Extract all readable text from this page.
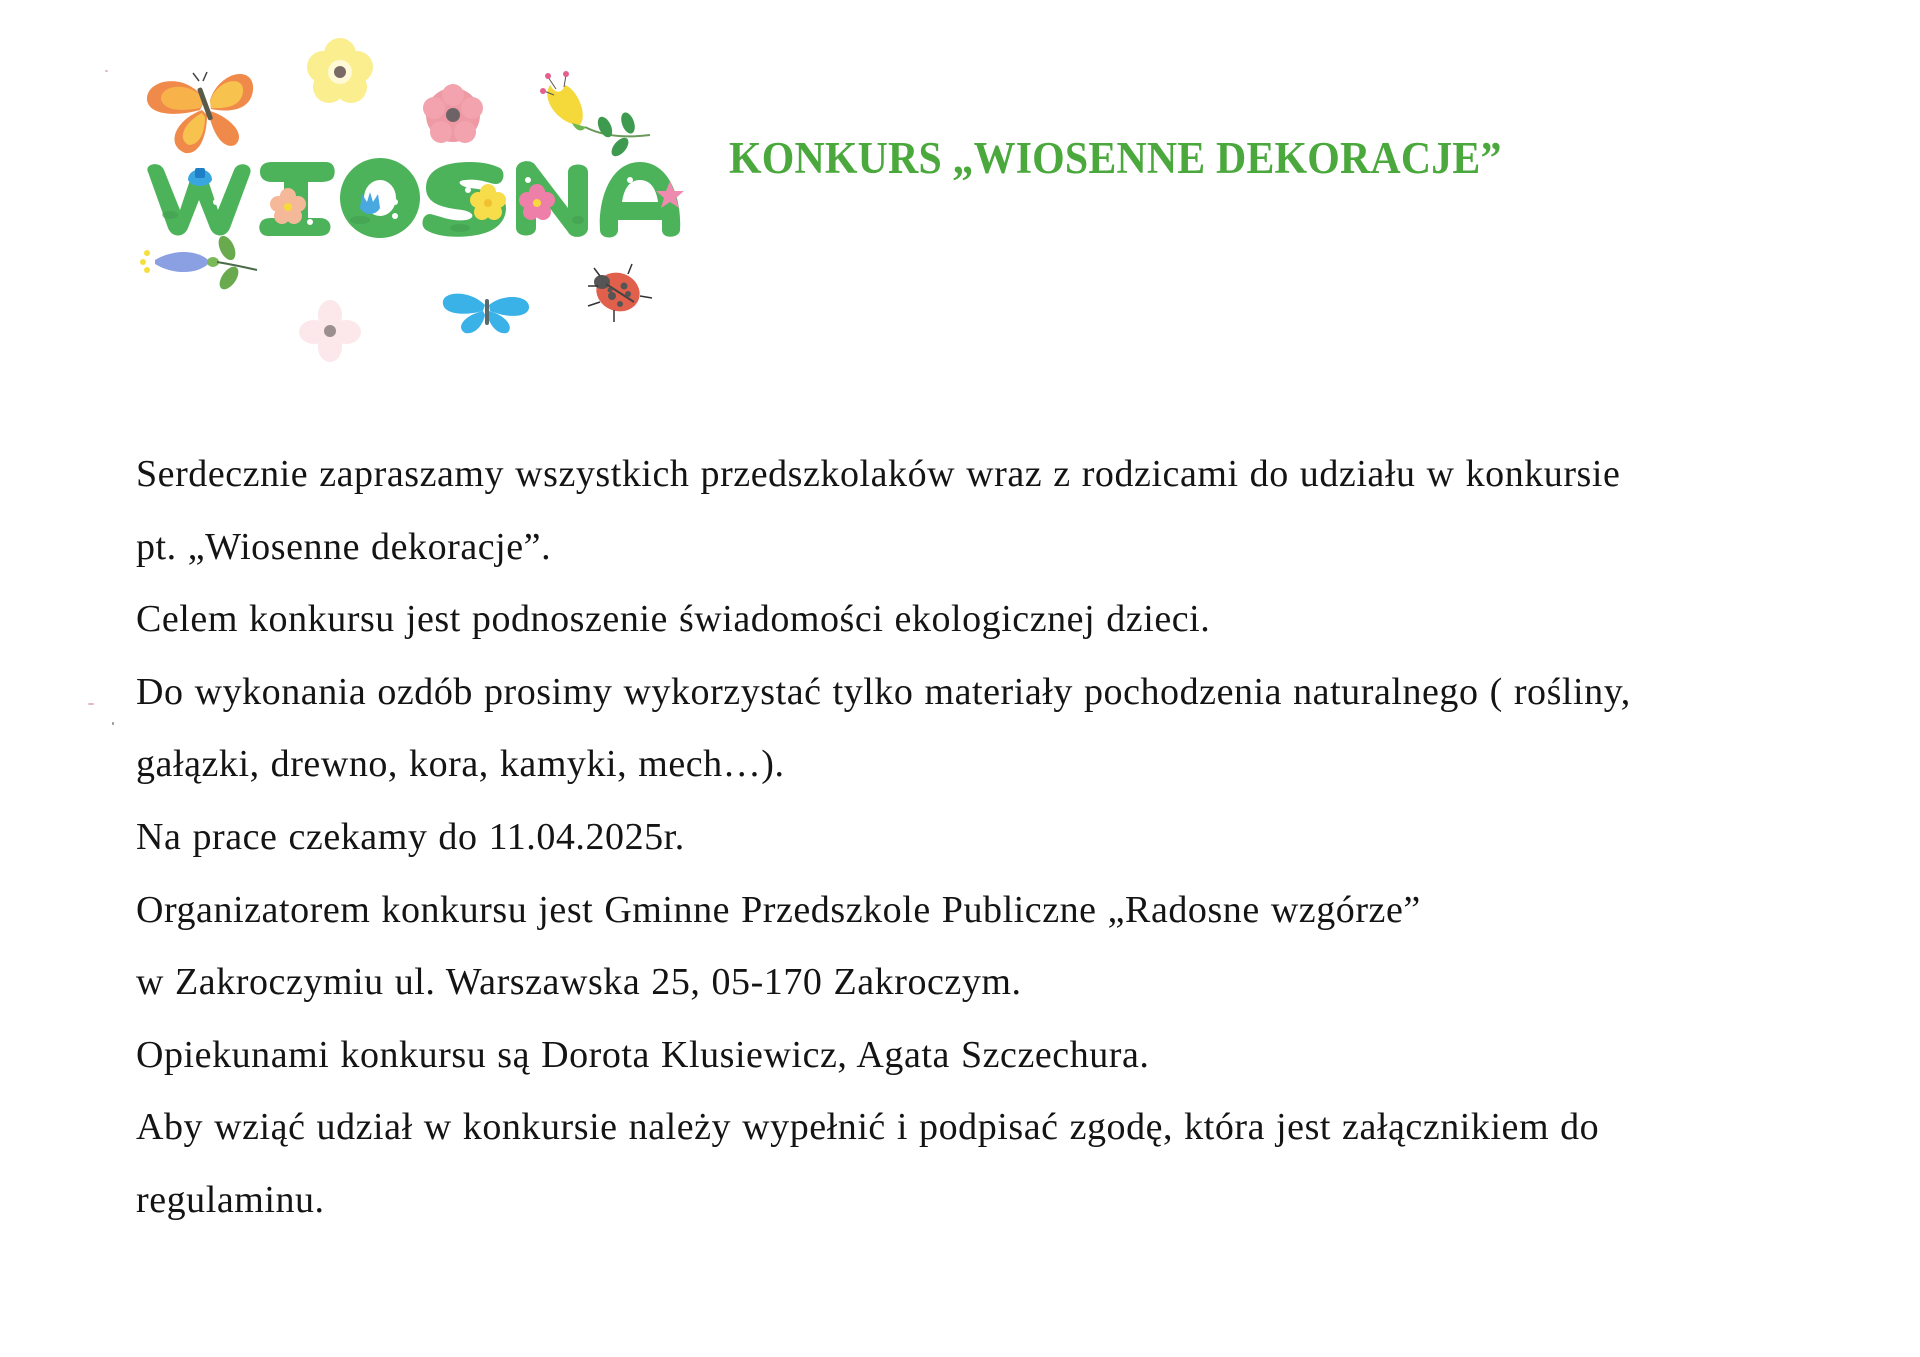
KONKURS „WIOSENNE DEKORACJE”
Serdecznie zapraszamy wszystkich przedszkolaków wraz z rodzicami do udziału w konkursie
pt. „Wiosenne dekoracje”.
Celem konkursu jest podnoszenie świadomości ekologicznej dzieci.
Do wykonania ozdób prosimy wykorzystać tylko materiały pochodzenia naturalnego ( rośliny,
gałązki, drewno, kora, kamyki, mech…).
Na prace czekamy do 11.04.2025r.
Organizatorem konkursu jest Gminne Przedszkole Publiczne „Radosne wzgórze”
w Zakroczymiu ul. Warszawska 25, 05-170 Zakroczym.
Opiekunami konkursu są Dorota Klusiewicz, Agata Szczechura.
Aby wziąć udział w konkursie należy wypełnić i podpisać zgodę, która jest załącznikiem do
regulaminu.
